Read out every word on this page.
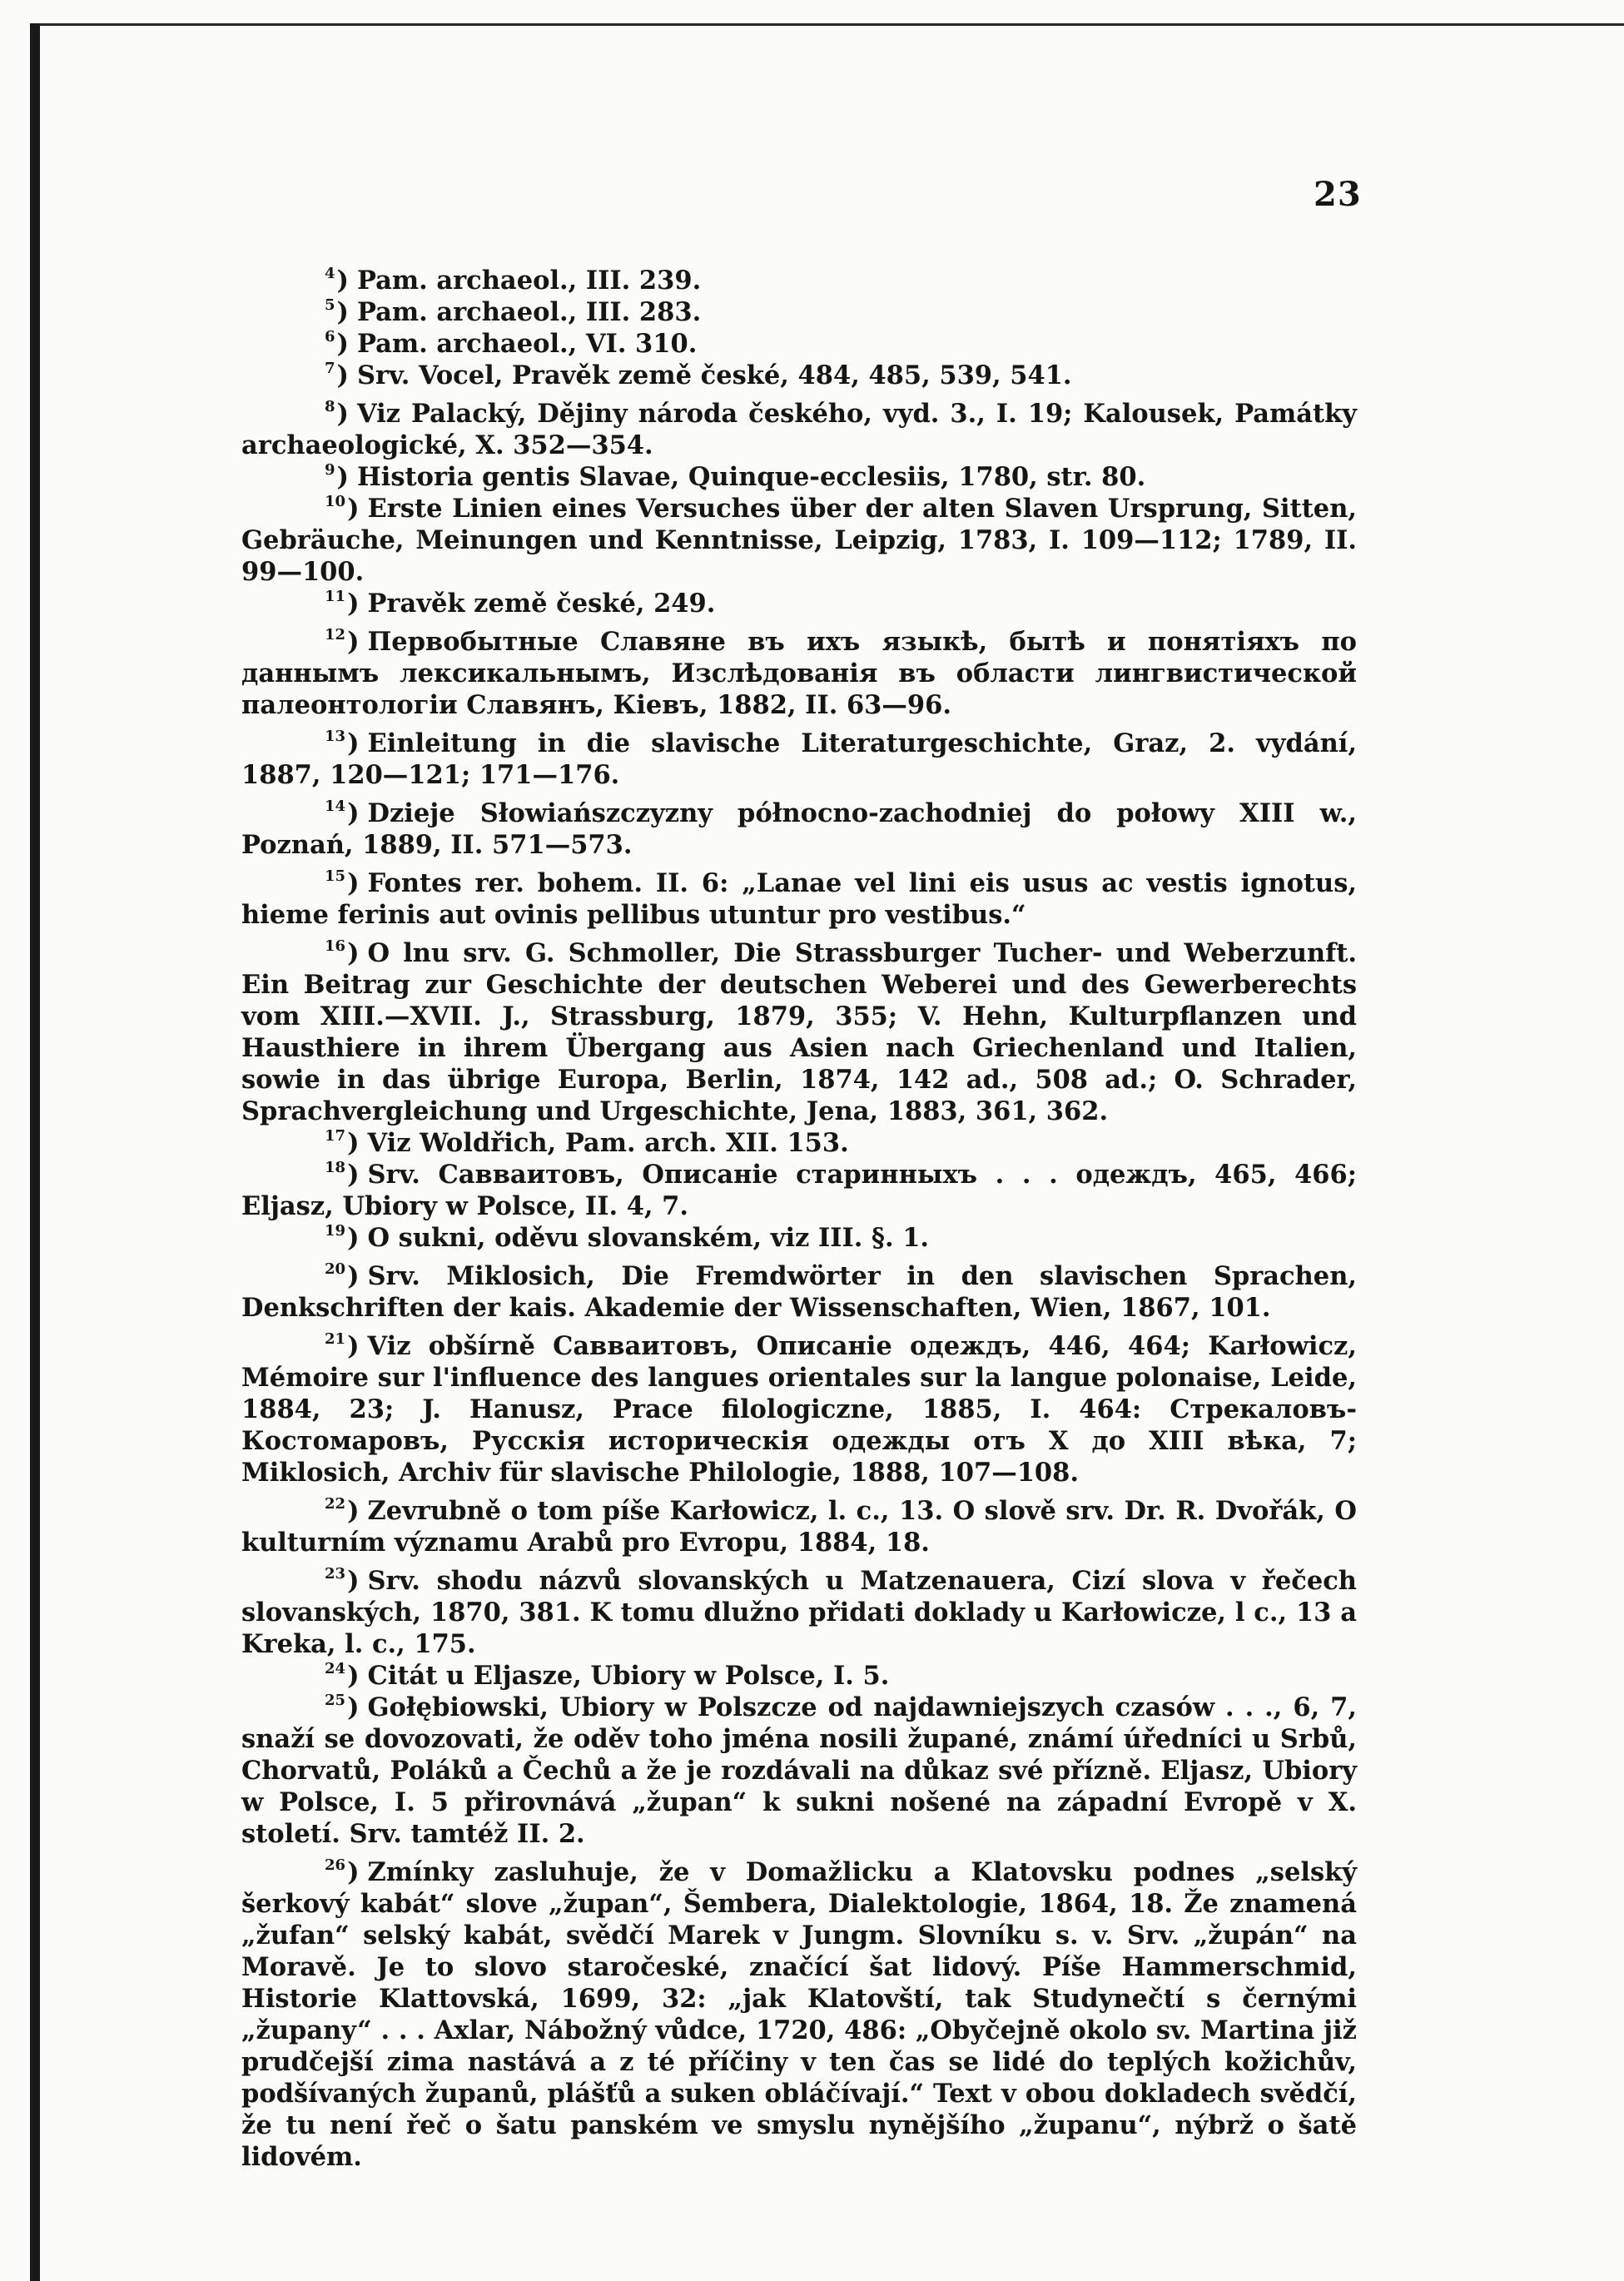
23

$^4$) Pam. archaeol., III. 239.

$^5$) Pam. archaeol., III. 283.

$^6$) Pam. archaeol., VI. 310.

$^7$) Srv. Vocel, Pravěk země české, 484, 485, 539, 541.

$^8$) Viz Palacký, Dějiny národa českého, vyd. 3., I. 19; Kalousek, Památky archaeologické, X. 352—354.

$^9$) Historia gentis Slavae, Quinque-ecclesiis, 1780, str. 80.

$^{10}$) Erste Linien eines Versuches über der alten Slaven Ursprung, Sitten, Gebräuche, Meinungen und Kenntnisse, Leipzig, 1783, I. 109—112; 1789, II. 99—100.

$^{11}$) Pravěk země české, 249.

$^{12}$) Первобытные Славяне въ ихъ языкѣ, бытѣ и понятіяхъ по даннымъ лексикальнымъ, Изслѣдованія въ области лингвистической палеонтологіи Славянъ, Кіевъ, 1882, II. 63—96.

$^{13}$) Einleitung in die slavische Literaturgeschichte, Graz, 2. vydání, 1887, 120—121; 171—176.

$^{14}$) Dzieje Słowiańszczyzny północno-zachodniej do połowy XIII w., Poznań, 1889, II. 571—573.

$^{15}$) Fontes rer. bohem. II. 6: „Lanae vel lini eis usus ac vestis ignotus, hieme ferinis aut ovinis pellibus utuntur pro vestibus.“

$^{16}$) O lnu srv. G. Schmoller, Die Strassburger Tucher- und Weberzunft. Ein Beitrag zur Geschichte der deutschen Weberei und des Gewerberechts vom XIII.—XVII. J., Strassburg, 1879, 355; V. Hehn, Kulturpflanzen und Hausthiere in ihrem Übergang aus Asien nach Griechenland und Italien, sowie in das übrige Europa, Berlin, 1874, 142 ad., 508 ad.; O. Schrader, Sprachvergleichung und Urgeschichte, Jena, 1883, 361, 362.

$^{17}$) Viz Woldřich, Pam. arch. XII. 153.

$^{18}$) Srv. Савваитовъ, Описаніе старинныхъ . . . одеждъ, 465, 466; Eljasz, Ubiory w Polsce, II. 4, 7.

$^{19}$) O sukni, oděvu slovanském, viz III. §. 1.

$^{20}$) Srv. Miklosich, Die Fremdwörter in den slavischen Sprachen, Denkschriften der kais. Akademie der Wissenschaften, Wien, 1867, 101.

$^{21}$) Viz obšírně Савваитовъ, Описаніе одеждъ, 446, 464; Karłowicz, Mémoire sur l'influence des langues orientales sur la langue polonaise, Leide, 1884, 23; J. Hanusz, Prace filologiczne, 1885, I. 464: Стрекаловъ-Костомаровъ, Русскія историческія одежды отъ X до XIII вѣка, 7; Miklosich, Archiv für slavische Philologie, 1888, 107—108.

$^{22}$) Zevrubně o tom píše Karłowicz, l. c., 13. O slově srv. Dr. R. Dvořák, O kulturním významu Arabů pro Evropu, 1884, 18.

$^{23}$) Srv. shodu názvů slovanských u Matzenauera, Cizí slova v řečech slovanských, 1870, 381. K tomu dlužno přidati doklady u Karłowicze, l c., 13 a Kreka, l. c., 175.

$^{24}$) Citát u Eljasze, Ubiory w Polsce, I. 5.

$^{25}$) Gołębiowski, Ubiory w Polszcze od najdawniejszych czasów . . ., 6, 7, snaží se dovozovati, že oděv toho jména nosili župané, známí úředníci u Srbů, Chorvatů, Poláků a Čechů a že je rozdávali na důkaz své přízně. Eljasz, Ubiory w Polsce, I. 5 přirovnává „župan“ k sukni nošené na západní Evropě v X. století. Srv. tamtéž II. 2.

$^{26}$) Zmínky zasluhuje, že v Domažlicku a Klatovsku podnes „selský šerkový kabát“ slove „župan“, Šembera, Dialektologie, 1864, 18. Že znamená „žufan“ selský kabát, svědčí Marek v Jungm. Slovníku s. v. Srv. „župán“ na Moravě. Je to slovo staročeské, značící šat lidový. Píše Hammerschmid, Historie Klattovská, 1699, 32: „jak Klatovští, tak Studynečtí s černými „župany“ . . . Axlar, Nábožný vůdce, 1720, 486: „Obyčejně okolo sv. Martina již prudčejší zima nastává a z té příčiny v ten čas se lidé do teplých kožichův, podšívaných županů, plášťů a suken obláčívají.“ Text v obou dokladech svědčí, že tu není řeč o šatu panském ve smyslu nynějšího „županu“, nýbrž o šatě lidovém.
